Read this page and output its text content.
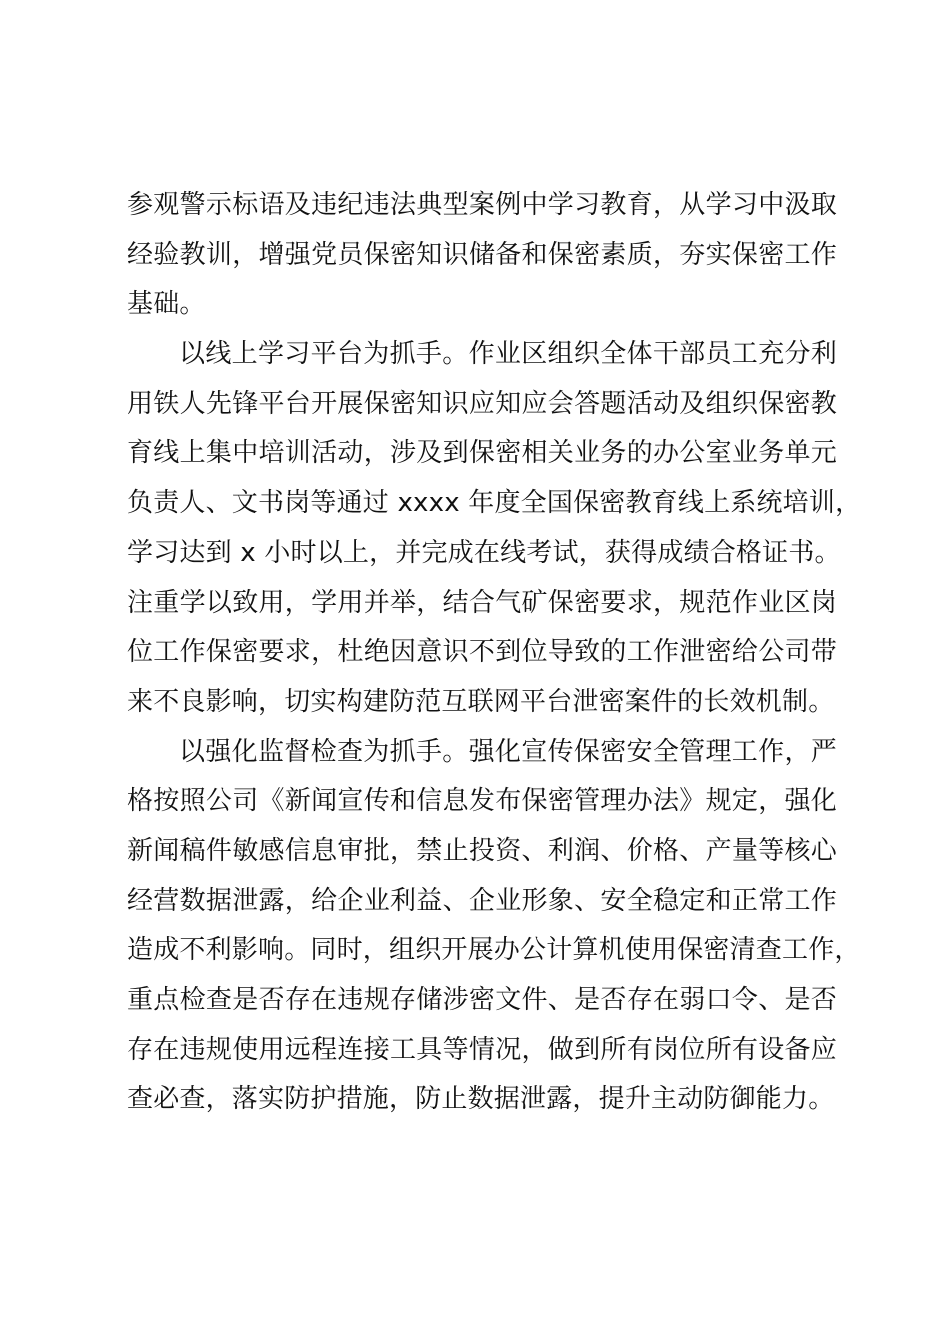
参观警示标语及违纪违法典型案例中学习教育，从学习中汲取
经验教训，增强党员保密知识储备和保密素质，夯实保密工作
基础。
以线上学习平台为抓手。作业区组织全体干部员工充分利
用铁人先锋平台开展保密知识应知应会答题活动及组织保密教
育线上集中培训活动，涉及到保密相关业务的办公室业务单元
负责人、文书岗等通过 xxxx 年度全国保密教育线上系统培训，
学习达到 x 小时以上，并完成在线考试，获得成绩合格证书。
注重学以致用，学用并举，结合气矿保密要求，规范作业区岗
位工作保密要求，杜绝因意识不到位导致的工作泄密给公司带
来不良影响，切实构建防范互联网平台泄密案件的长效机制。
以强化监督检查为抓手。强化宣传保密安全管理工作，严
格按照公司《新闻宣传和信息发布保密管理办法》规定，强化
新闻稿件敏感信息审批，禁止投资、利润、价格、产量等核心
经营数据泄露，给企业利益、企业形象、安全稳定和正常工作
造成不利影响。同时，组织开展办公计算机使用保密清查工作，
重点检查是否存在违规存储涉密文件、是否存在弱口令、是否
存在违规使用远程连接工具等情况，做到所有岗位所有设备应
查必查，落实防护措施，防止数据泄露，提升主动防御能力。
